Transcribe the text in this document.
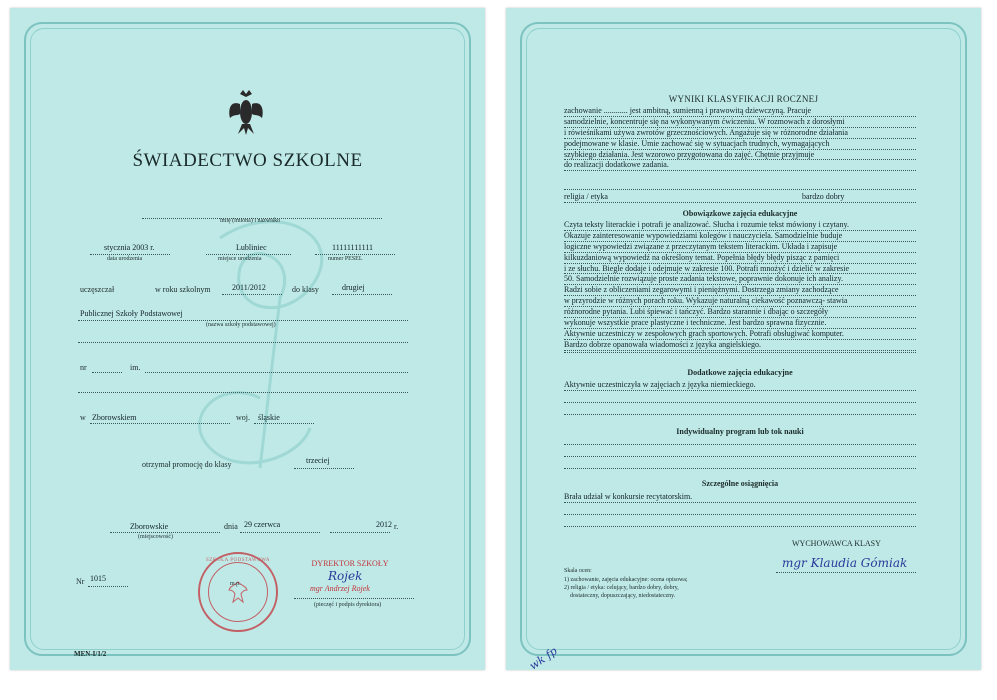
ŚWIADECTWO SZKOLNE
imię (imiona) i nazwisko
stycznia 2003 r.
data urodzenia
Lubliniec
miejsce urodzenia
11111111111
numer PESEL
uczęszczał	w roku szkolnym	2011/2012	do klasy	drugiej
Publicznej Szkoły Podstawowej
(nazwa szkoły podstawowej)
nr	im.
w Zborowskiem	woj. śląskie
otrzymał promocję do klasy	trzeciej
Zborowskie
(miejscowość)
dnia 29 czerwca	2012 r.
SZKOŁA PODSTAWOWA
m.p.
DYREKTOR SZKOŁY
Rojek
mgr Andrzej Rojek
(pieczęć i podpis dyrektora)
Nr 1015
MEN-I/1/2
WYNIKI KLASYFIKACJI ROCZNEJ
zachowanie ............ jest ambitną, sumienną i prawowitą dziewczyną. Pracuje
samodzielnie, koncentruje się na wykonywanym ćwiczeniu. W rozmowach z dorosłymi
i rówieśnikami używa zwrotów grzecznościowych. Angażuje się w różnorodne działania
podejmowane w klasie. Umie zachować się w sytuacjach trudnych, wymagających
szybkiego działania. Jest wzorowo przygotowana do zajęć. Chętnie przyjmuje
do realizacji dodatkowe zadania.
religia / etyka	bardzo dobry
Obowiązkowe zajęcia edukacyjne
Czyta teksty literackie i potrafi je analizować. Słucha i rozumie tekst mówiony i czytany.
Okazuje zainteresowanie wypowiedziami kolegów i nauczyciela. Samodzielnie buduje
logiczne wypowiedzi związane z przeczytanym tekstem literackim. Układa i zapisuje
kilkuzdaniową wypowiedź na określony temat. Popełnia błędy błędy pisząc z pamięci
i ze słuchu. Biegle dodaje i odejmuje w zakresie 100. Potrafi mnożyć i dzielić w zakresie
50. Samodzielnie rozwiązuje proste zadania tekstowe, poprawnie dokonuje ich analizy.
Radzi sobie z obliczeniami zegarowymi i pieniężnymi. Dostrzega zmiany zachodzące
w przyrodzie w różnych porach roku. Wykazuje naturalną ciekawość poznawczą- stawia
różnorodne pytania. Lubi śpiewać i tańczyć. Bardzo starannie i dbając o szczegóły
wykonuje wszystkie prace plastyczne i techniczne. Jest bardzo sprawna fizycznie.
Aktywnie uczestniczy w zespołowych grach sportowych. Potrafi obsługiwać komputer.
Bardzo dobrze opanowała wiadomości z języka angielskiego.
Dodatkowe zajęcia edukacyjne
Aktywnie uczestniczyła w zajęciach z języka niemieckiego.
Indywidualny program lub tok nauki
Szczególne osiągnięcia
Brała udział w konkursie recytatorskim.
WYCHOWAWCA KLASY
mgr Klaudia Gómiak
Skala ocen:
1) zachowanie, zajęcia edukacyjne: ocena opisowa;
2) religia / etyka: celujący, bardzo dobry, dobry,
dostateczny, dopuszczający, niedostateczny.
wk fp
